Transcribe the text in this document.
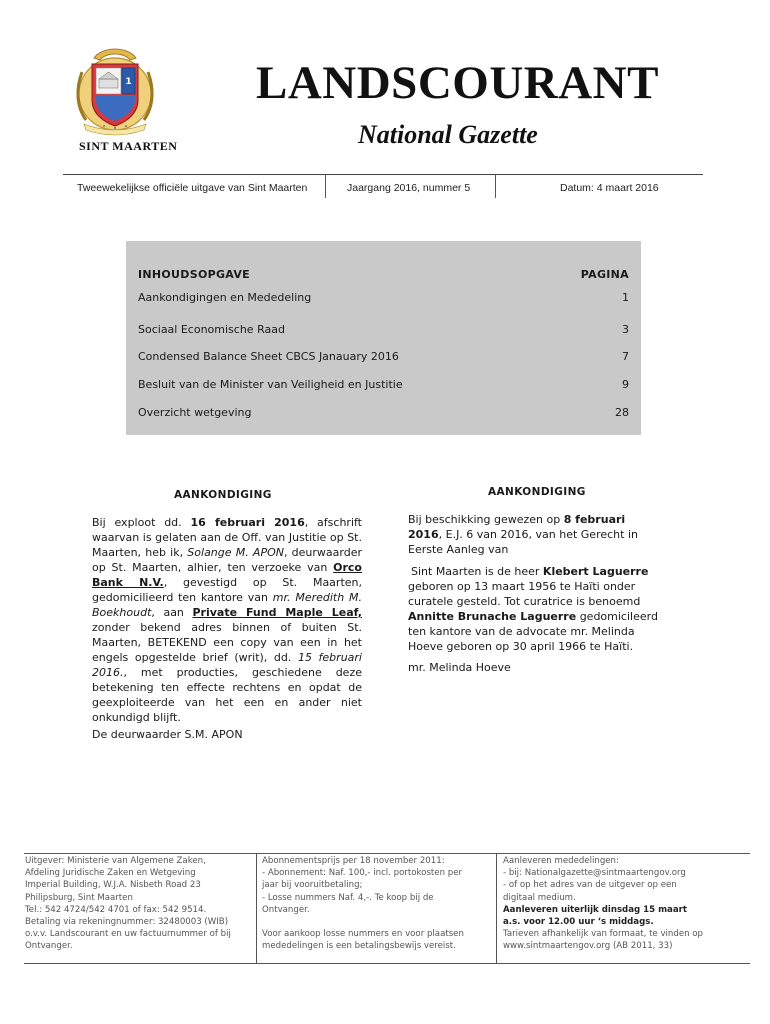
1	LANDSCOURANT
National Gazette
SINT MAARTEN
Tweewekelijkse officiële uitgave van Sint Maarten	Jaargang 2016, nummer 5	Datum: 4 maart 2016
INHOUDSOPGAVE	PAGINA
Aankondigingen en Mededeling	1
Sociaal Economische Raad	3
Condensed Balance Sheet CBCS Janauary 2016	7
Besluit van de Minister van Veiligheid en Justitie	9
Overzicht wetgeving	28
AANKONDIGING
Bij exploot dd. 16 februari 2016, afschrift waarvan is gelaten aan de Off. van Justitie op St. Maarten, heb ik, Solange M. APON, deurwaarder op St. Maarten, alhier, ten verzoeke van Orco Bank N.V., gevestigd op St. Maarten, gedomicilieerd ten kantore van mr. Meredith M. Boekhoudt, aan Private Fund Maple Leaf, zonder bekend adres binnen of buiten St. Maarten, BETEKEND een copy van een in het engels opgestelde brief (writ), dd. 15 februari 2016., met producties, geschiedene deze betekening ten effecte rechtens en opdat de geexploiteerde van het een en ander niet onkundigd blijft.
De deurwaarder S.M. APON
AANKONDIGING
Bij beschikking gewezen op 8 februari 2016, E.J. 6 van 2016, van het Gerecht in Eerste Aanleg van
Sint Maarten is de heer Klebert Laguerre geboren op 13 maart 1956 te Haïti onder curatele gesteld. Tot curatrice is benoemd Annitte Brunache Laguerre gedomicileerd ten kantore van de advocate mr. Melinda Hoeve geboren op 30 april 1966 te Haïti.
mr. Melinda Hoeve
Uitgever: Ministerie van Algemene Zaken,
Afdeling Juridische Zaken en Wetgeving
Imperial Building, W.J.A. Nisbeth Road 23
Philipsburg, Sint Maarten
Tel.: 542 4724/542 4701 of fax: 542 9514.
Betaling via rekeningnummer: 32480003 (WIB)
o.v.v. Landscourant en uw factuurnummer of bij
Ontvanger.
Abonnementsprijs per 18 november 2011:
- Abonnement: Naf. 100,- incl. portokosten per
jaar bij vooruitbetaling;
- Losse nummers Naf. 4,-. Te koop bij de
Ontvanger.
Voor aankoop losse nummers en voor plaatsen
mededelingen is een betalingsbewijs vereist.
Aanleveren mededelingen:
- bij: Nationalgazette@sintmaartengov.org
- of op het adres van de uitgever op een
digitaal medium.
Aanleveren uiterlijk dinsdag 15 maart
a.s. voor 12.00 uur ‘s middags.
Tarieven afhankelijk van formaat, te vinden op
www.sintmaartengov.org (AB 2011, 33)
